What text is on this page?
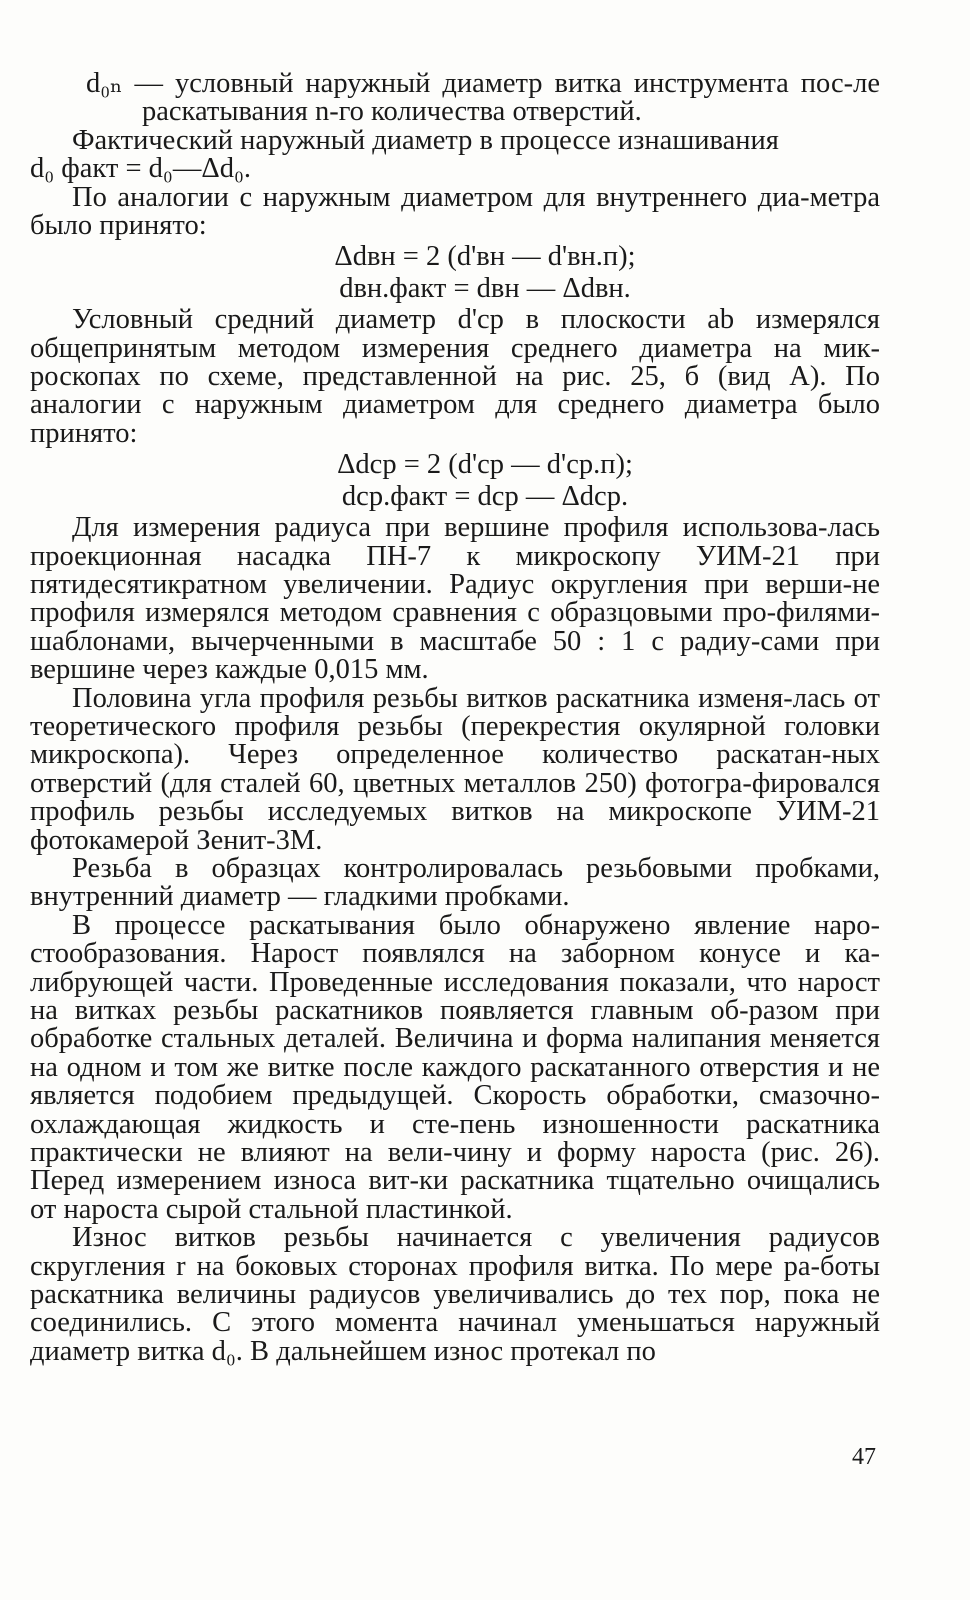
d₀ₙ — условный наружный диаметр витка инструмента пос-ле раскатывания n-го количества отверстий.

Фактический наружный диаметр в процессе изнашивания

d₀ факт = d₀—Δd₀.

По аналогии с наружным диаметром для внутреннего диа-метра было принято:

Δdвн = 2 (d'вн — d'вн.п);

dвн.факт = dвн — Δdвн.

Условный средний диаметр d'ср в плоскости ab измерялся общепринятым методом измерения среднего диаметра на мик-роскопах по схеме, представленной на рис. 25, б (вид A). По аналогии с наружным диаметром для среднего диаметра было принято:

Δdср = 2 (d'ср — d'ср.п);

dср.факт = dср — Δdср.

Для измерения радиуса при вершине профиля использова-лась проекционная насадка ПН-7 к микроскопу УИМ-21 при пятидесятикратном увеличении. Радиус округления при верши-не профиля измерялся методом сравнения с образцовыми про-филями-шаблонами, вычерченными в масштабе 50 : 1 с радиу-сами при вершине через каждые 0,015 мм.

Половина угла профиля резьбы витков раскатника изменя-лась от теоретического профиля резьбы (перекрестия окулярной головки микроскопа). Через определенное количество раскатан-ных отверстий (для сталей 60, цветных металлов 250) фотогра-фировался профиль резьбы исследуемых витков на микроскопе УИМ-21 фотокамерой Зенит-3М.

Резьба в образцах контролировалась резьбовыми пробками, внутренний диаметр — гладкими пробками.

В процессе раскатывания было обнаружено явление наро-стообразования. Нарост появлялся на заборном конусе и ка-либрующей части. Проведенные исследования показали, что нарост на витках резьбы раскатников появляется главным об-разом при обработке стальных деталей. Величина и форма налипания меняется на одном и том же витке после каждого раскатанного отверстия и не является подобием предыдущей. Скорость обработки, смазочно-охлаждающая жидкость и сте-пень изношенности раскатника практически не влияют на вели-чину и форму нароста (рис. 26). Перед измерением износа вит-ки раскатника тщательно очищались от нароста сырой стальной пластинкой.

Износ витков резьбы начинается с увеличения радиусов скругления r на боковых сторонах профиля витка. По мере ра-боты раскатника величины радиусов увеличивались до тех пор, пока не соединились. С этого момента начинал уменьшаться наружный диаметр витка d₀. В дальнейшем износ протекал по

47
